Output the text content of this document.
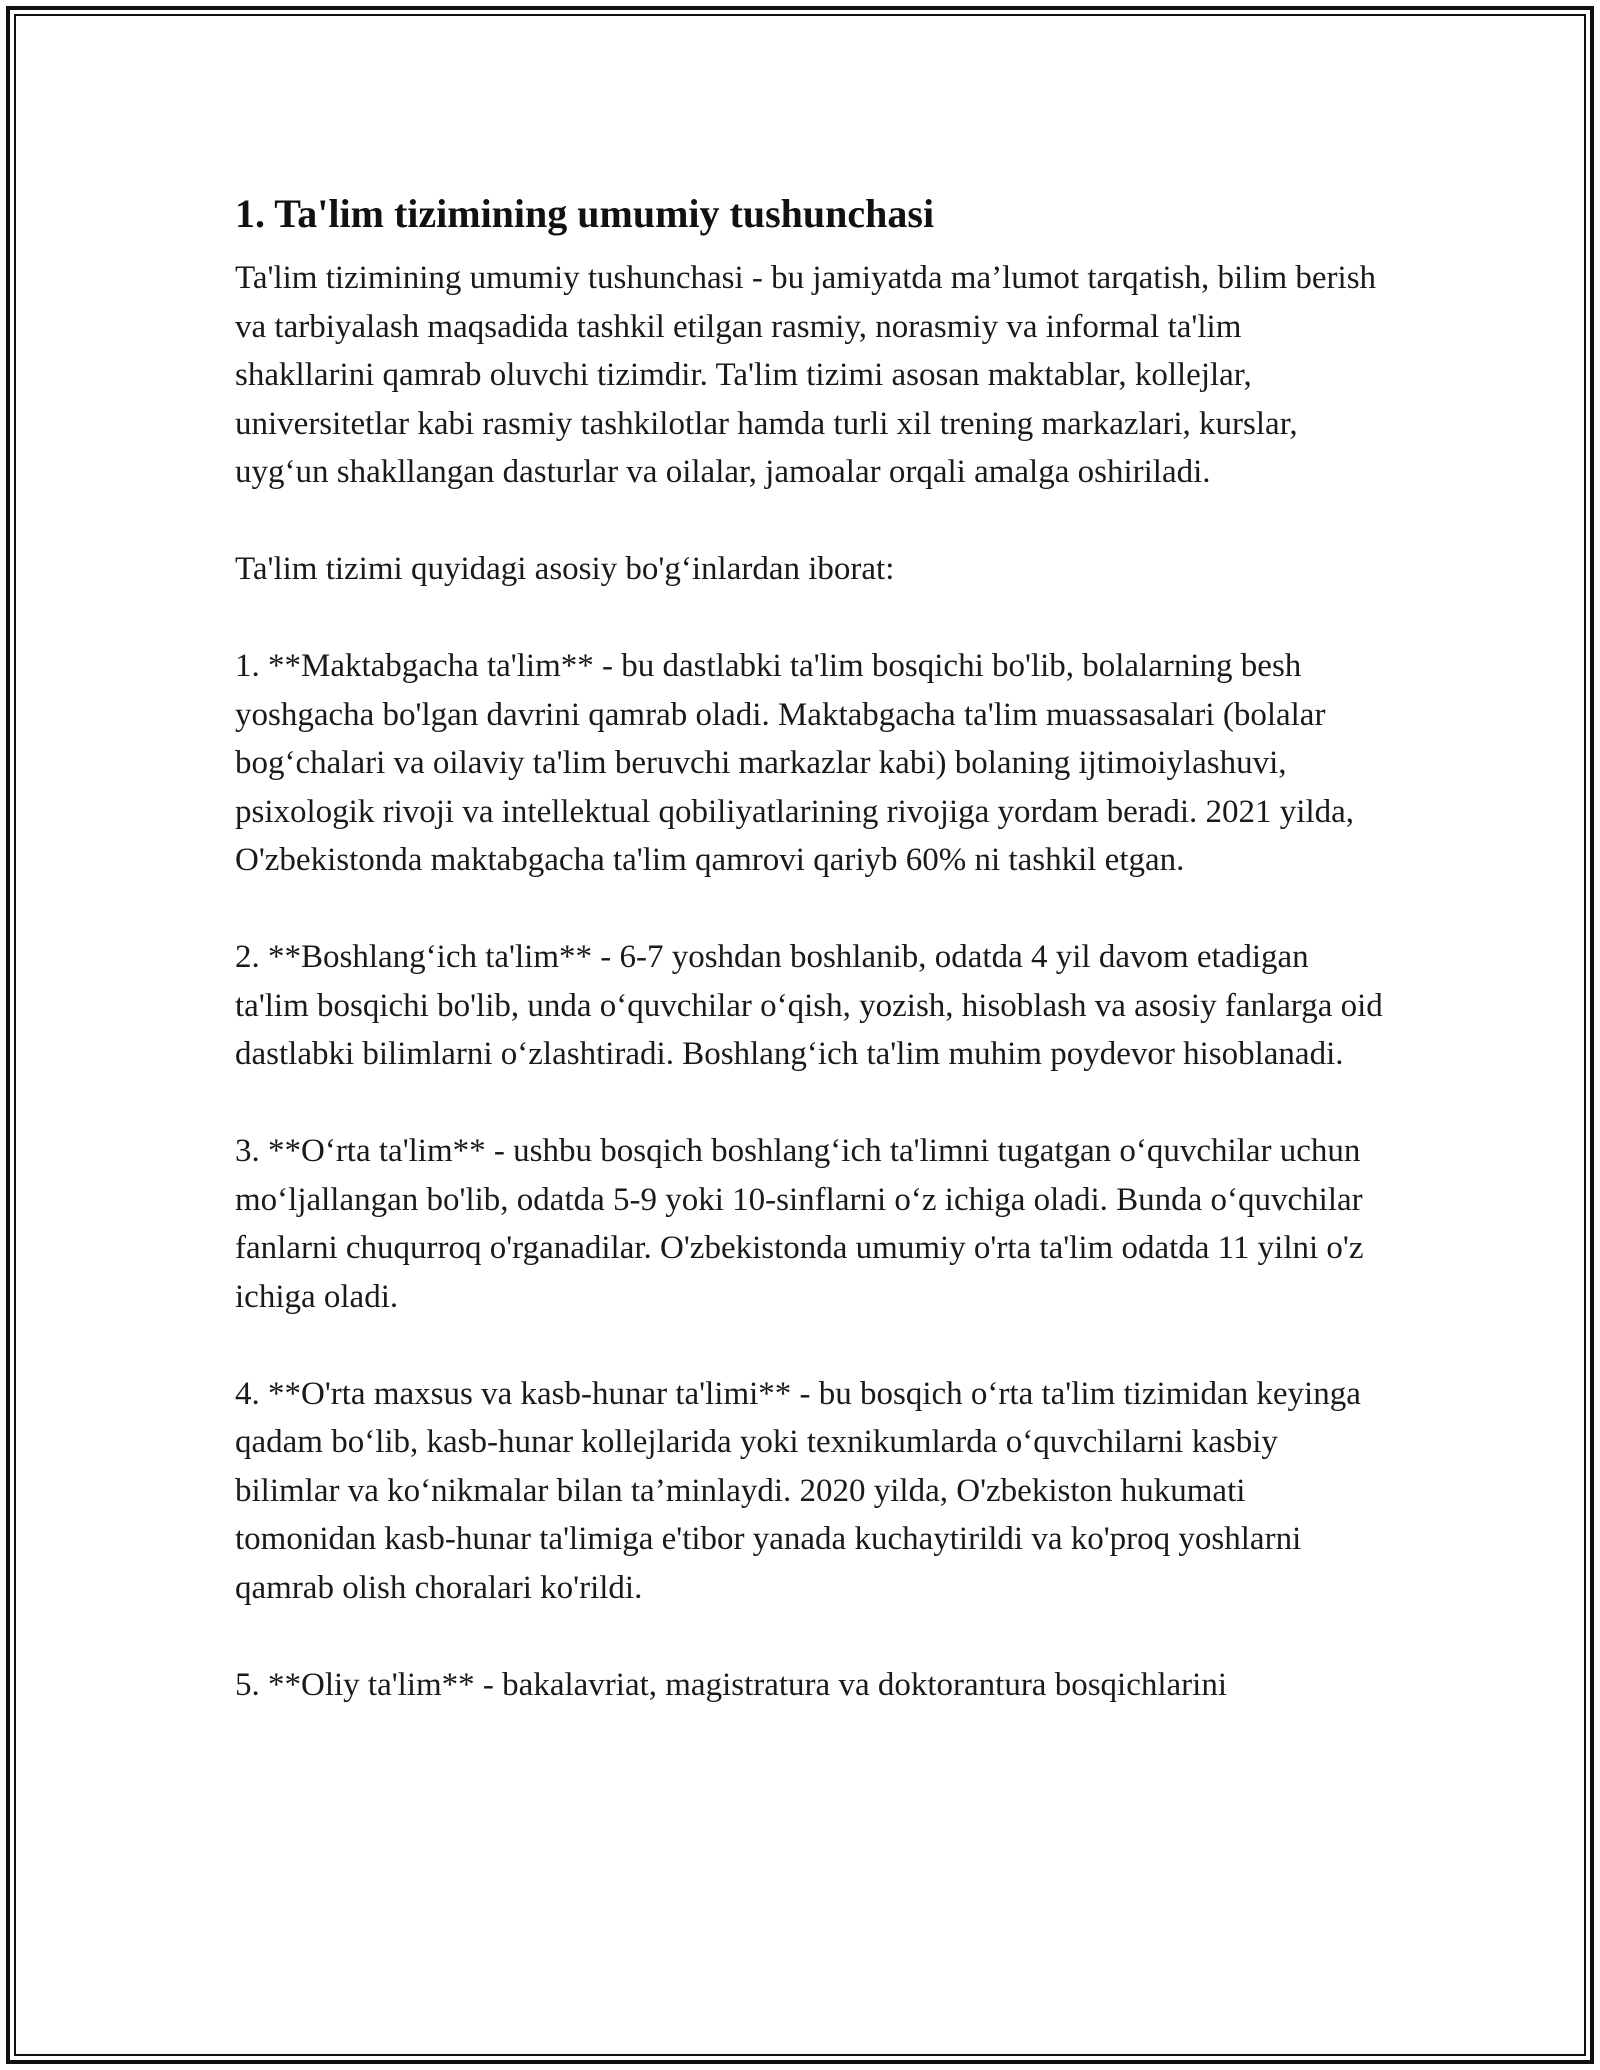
1. Ta'lim tizimining umumiy tushunchasi

Ta'lim tizimining umumiy tushunchasi - bu jamiyatda ma’lumot tarqatish, bilim berish va tarbiyalash maqsadida tashkil etilgan rasmiy, norasmiy va informal ta'lim shakllarini qamrab oluvchi tizimdir. Ta'lim tizimi asosan maktablar, kollejlar, universitetlar kabi rasmiy tashkilotlar hamda turli xil trening markazlari, kurslar, uyg‘un shakllangan dasturlar va oilalar, jamoalar orqali amalga oshiriladi.

Ta'lim tizimi quyidagi asosiy bo'g‘inlardan iborat:

1. **Maktabgacha ta'lim** - bu dastlabki ta'lim bosqichi bo'lib, bolalarning besh yoshgacha bo'lgan davrini qamrab oladi. Maktabgacha ta'lim muassasalari (bolalar bog‘chalari va oilaviy ta'lim beruvchi markazlar kabi) bolaning ijtimoiylashuvi, psixologik rivoji va intellektual qobiliyatlarining rivojiga yordam beradi. 2021 yilda, O'zbekistonda maktabgacha ta'lim qamrovi qariyb 60% ni tashkil etgan.

2. **Boshlang‘ich ta'lim** - 6-7 yoshdan boshlanib, odatda 4 yil davom etadigan ta'lim bosqichi bo'lib, unda o‘quvchilar o‘qish, yozish, hisoblash va asosiy fanlarga oid dastlabki bilimlarni o‘zlashtiradi. Boshlang‘ich ta'lim muhim poydevor hisoblanadi.

3. **O‘rta ta'lim** - ushbu bosqich boshlang‘ich ta'limni tugatgan o‘quvchilar uchun mo‘ljallangan bo'lib, odatda 5-9 yoki 10-sinflarni o‘z ichiga oladi. Bunda o‘quvchilar fanlarni chuqurroq o'rganadilar. O'zbekistonda umumiy o'rta ta'lim odatda 11 yilni o'z ichiga oladi.

4. **O'rta maxsus va kasb-hunar ta'limi** - bu bosqich o‘rta ta'lim tizimidan keyinga qadam bo‘lib, kasb-hunar kollejlarida yoki texnikumlarda o‘quvchilarni kasbiy bilimlar va ko‘nikmalar bilan ta’minlaydi. 2020 yilda, O'zbekiston hukumati tomonidan kasb-hunar ta'limiga e'tibor yanada kuchaytirildi va ko'proq yoshlarni qamrab olish choralari ko'rildi.

5. **Oliy ta'lim** - bakalavriat, magistratura va doktorantura bosqichlarini
